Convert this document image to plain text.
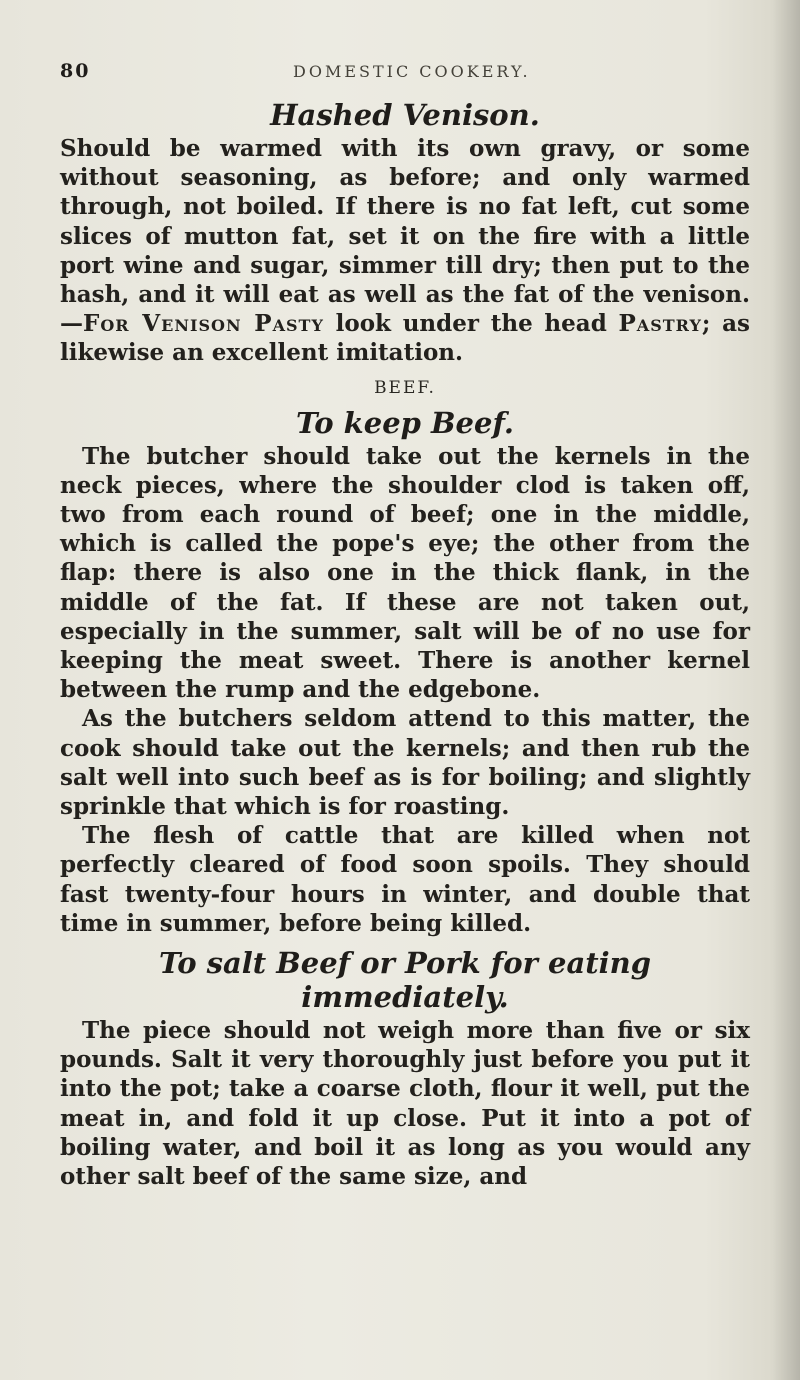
80	DOMESTIC COOKERY.
Hashed Venison.

Should be warmed with its own gravy, or some without seasoning, as before; and only warmed through, not boiled. If there is no fat left, cut some slices of mutton fat, set it on the fire with a little port wine and sugar, simmer till dry; then put to the hash, and it will eat as well as the fat of the venison.—For Venison Pasty look under the head Pastry; as likewise an excellent imitation.

BEEF.
To keep Beef.

The butcher should take out the kernels in the neck pieces, where the shoulder clod is taken off, two from each round of beef; one in the middle, which is called the pope's eye; the other from the flap: there is also one in the thick flank, in the middle of the fat. If these are not taken out, especially in the summer, salt will be of no use for keeping the meat sweet. There is another kernel between the rump and the edgebone.

As the butchers seldom attend to this matter, the cook should take out the kernels; and then rub the salt well into such beef as is for boiling; and slightly sprinkle that which is for roasting.

The flesh of cattle that are killed when not perfectly cleared of food soon spoils. They should fast twenty-four hours in winter, and double that time in summer, before being killed.

To salt Beef or Pork for eating immediately.

The piece should not weigh more than five or six pounds. Salt it very thoroughly just before you put it into the pot; take a coarse cloth, flour it well, put the meat in, and fold it up close. Put it into a pot of boiling water, and boil it as long as you would any other salt beef of the same size, and
